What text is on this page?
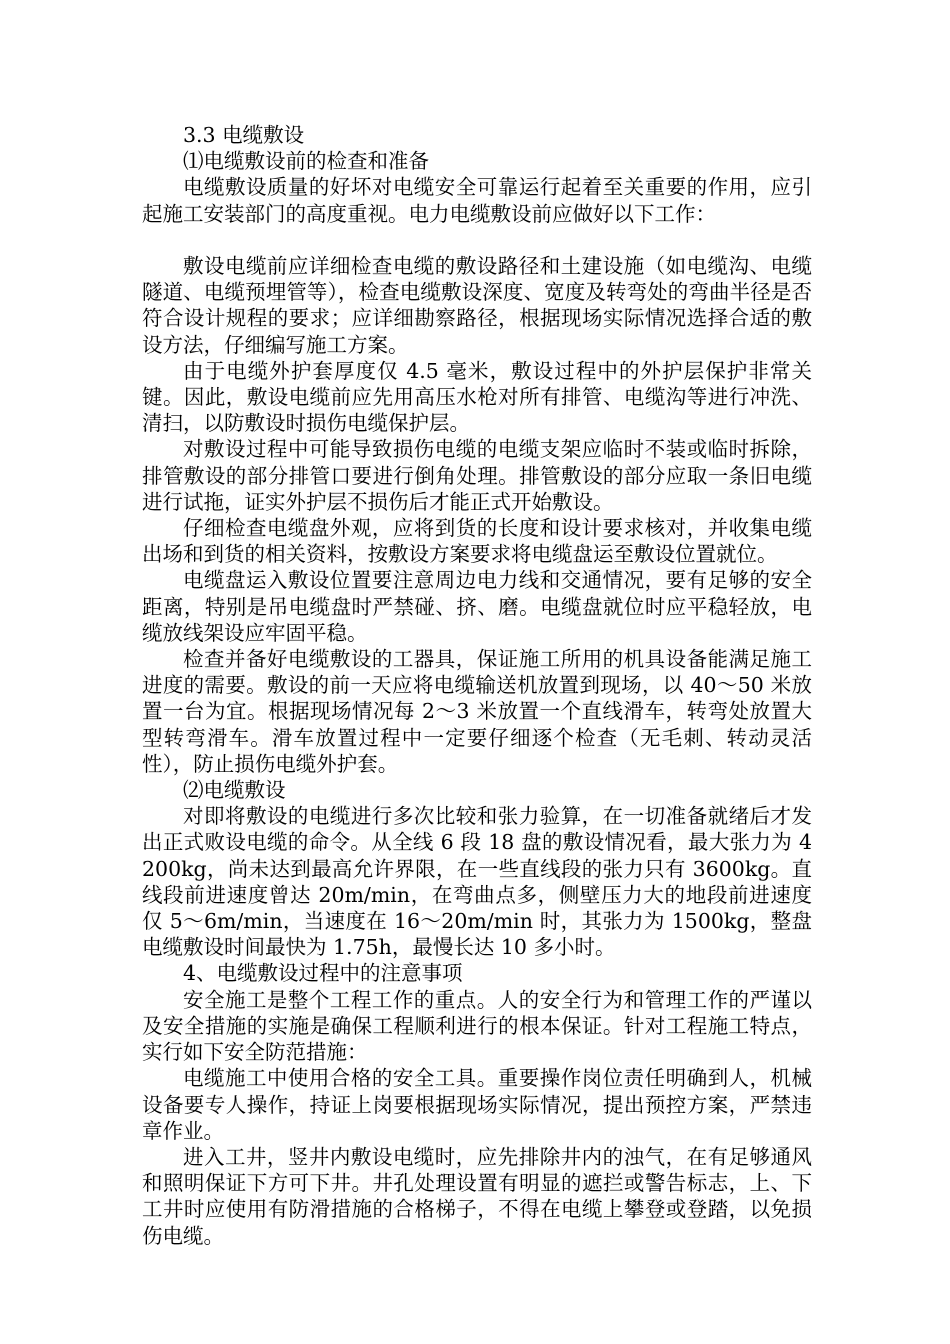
3.3 电缆敷设

⑴电缆敷设前的检查和准备

电缆敷设质量的好坏对电缆安全可靠运行起着至关重要的作用，应引起施工安装部门的高度重视。电力电缆敷设前应做好以下工作：

敷设电缆前应详细检查电缆的敷设路径和土建设施（如电缆沟、电缆隧道、电缆预埋管等），检查电缆敷设深度、宽度及转弯处的弯曲半径是否符合设计规程的要求；应详细勘察路径，根据现场实际情况选择合适的敷设方法，仔细编写施工方案。

由于电缆外护套厚度仅 4.5 毫米，敷设过程中的外护层保护非常关键。因此，敷设电缆前应先用高压水枪对所有排管、电缆沟等进行冲洗、清扫，以防敷设时损伤电缆保护层。

对敷设过程中可能导致损伤电缆的电缆支架应临时不装或临时拆除，排管敷设的部分排管口要进行倒角处理。排管敷设的部分应取一条旧电缆进行试拖，证实外护层不损伤后才能正式开始敷设。

仔细检查电缆盘外观，应将到货的长度和设计要求核对，并收集电缆出场和到货的相关资料，按敷设方案要求将电缆盘运至敷设位置就位。

电缆盘运入敷设位置要注意周边电力线和交通情况，要有足够的安全距离，特别是吊电缆盘时严禁碰、挤、磨。电缆盘就位时应平稳轻放，电缆放线架设应牢固平稳。

检查并备好电缆敷设的工器具，保证施工所用的机具设备能满足施工进度的需要。敷设的前一天应将电缆输送机放置到现场，以 40～50 米放置一台为宜。根据现场情况每 2～3 米放置一个直线滑车，转弯处放置大型转弯滑车。滑车放置过程中一定要仔细逐个检查（无毛刺、转动灵活性），防止损伤电缆外护套。

⑵电缆敷设

对即将敷设的电缆进行多次比较和张力验算，在一切准备就绪后才发出正式败设电缆的命令。从全线 6 段 18 盘的敷设情况看，最大张力为 4200kg，尚未达到最高允许界限，在一些直线段的张力只有 3600kg。直线段前进速度曾达 20m/min，在弯曲点多，侧壁压力大的地段前进速度仅 5～6m/min，当速度在 16～20m/min 时，其张力为 1500kg，整盘电缆敷设时间最快为 1.75h，最慢长达 10 多小时。

4、电缆敷设过程中的注意事项

安全施工是整个工程工作的重点。人的安全行为和管理工作的严谨以及安全措施的实施是确保工程顺利进行的根本保证。针对工程施工特点，实行如下安全防范措施：

电缆施工中使用合格的安全工具。重要操作岗位责任明确到人，机械设备要专人操作，持证上岗要根据现场实际情况，提出预控方案，严禁违章作业。

进入工井，竖井内敷设电缆时，应先排除井内的浊气，在有足够通风和照明保证下方可下井。井孔处理设置有明显的遮拦或警告标志，上、下工井时应使用有防滑措施的合格梯子，不得在电缆上攀登或登踏，以免损伤电缆。
